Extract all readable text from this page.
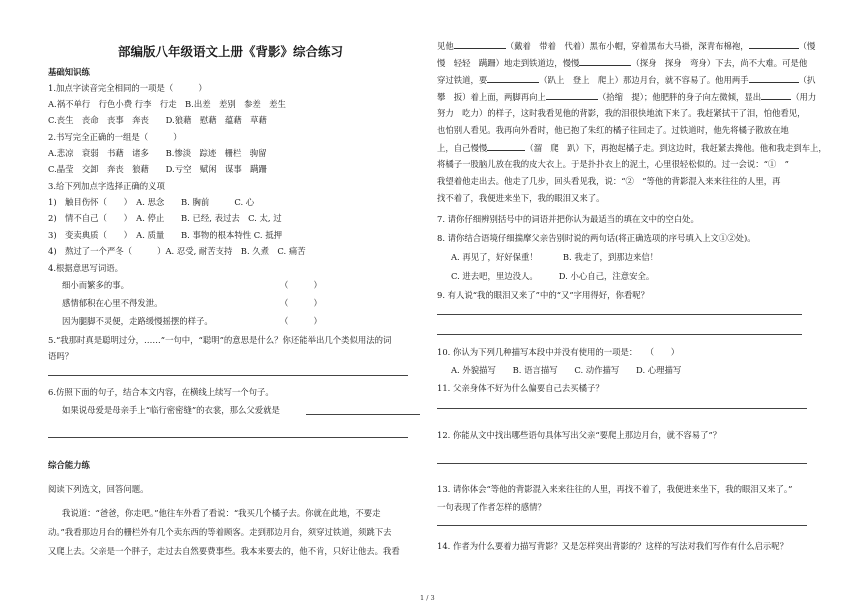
部编版八年级语文上册《背影》综合练习
基础知识练
1.加点字读音完全相同的一项是（　　　）
A.祸不单行　行色小费 行李　行走　B.出差　差别　参差　差生
C.丧生　丧命　丧事　奔丧　　D.狼藉　慰藉　蕴藉　草藉
2.书写完全正确的一组是（　　　）
A.悲凉　衰弱　书藉　诸多　　B.惨淡　踪迹　栅栏　驹留
C.晶莹　交卸　奔丧　狼藉　　D.亏空　赋闲　谋事　蹒跚
3.给下列加点字选择正确的义项
1)　触目伤怀（　　）　A. 思念　　B. 胸前　　　C. 心
2)　情不自己（　　）　A. 停止　　B. 已经, 表过去　C. 太, 过
3)　变卖典质（　　）　A. 质量　　B. 事物的根本特性 C. 抵押
4)　熬过了一个严冬（　　　）A. 忍受, 耐苦支持　B. 久煮　C. 痛苦
4.根据意思写词语。
细小而繁多的事。	（　　　）
感情郁积在心里不得发泄。	（　　　）
因为腿脚不灵便，走路缓慢摇摆的样子。	（　　　）
5.“我那时真是聪明过分，……”一句中，“聪明”的意思是什么？你还能举出几个类似用法的词
语吗？
6.仿照下面的句子，结合本文内容，在横线上续写一个句子。
如果说母爱是母亲手上“临行密密缝”的衣裳，那么父爱就是
综合能力练
阅读下列选文，回答问题。
我说道：“爸爸，你走吧。”他往车外看了看说：“我买几个橘子去。你就在此地，不要走
动。”我看那边月台的栅栏外有几个卖东西的等着顾客。走到那边月台，须穿过铁道，须跳下去
又爬上去。父亲是一个胖子，走过去自然要费事些。我本来要去的，他不肯，只好让他去。我看
见他	（戴着　带着　代着）黑布小帽，穿着黑布大马褂，深青布棉袍，	（慢
慢　轻轻　蹒跚）地走到铁道边，慢慢	（探身　探身　弯身）下去，尚不大难。可是他
穿过铁道，要	（趴上　登上　爬上）那边月台，就不容易了。他用两手	（扒
攀　扳）着上面，两脚再向上	（拾缩　提）；他肥胖的身子向左微倾，显出	（用力
努力　吃力）的样子，这时我看见他的背影，我的泪很快地流下来了。我赶紧拭干了泪，怕他看见，
也怕别人看见。我再向外看时，他已抱了朱红的橘子往回走了。过铁道时，他先将橘子散放在地
上，自己慢慢	（溜　爬　趴）下，再抱起橘子走。到这边时，我赶紧去搀他。他和我走到车上，
将橘子一股脑儿放在我的皮大衣上。于是扑扑衣上的泥土，心里很轻松似的。过一会说：“①　”
我望着他走出去。他走了几步，回头看见我，说：“②　”等他的背影混入来来往往的人里，再
找不着了，我便进来坐下，我的眼泪又来了。
7. 请你仔细辨别括号中的词语并把你认为最适当的填在文中的空白处。
8. 请你结合语境仔细揣摩父亲告别时说的两句话(将正确选项的序号填入上文①②处)。
A. 再见了，好好保重！　　　B. 我走了，到那边来信！
C. 进去吧，里边没人。　　　D. 小心自己，注意安全。
9. 有人说“我的眼泪又来了”中的“又”字用得好，你看呢？
10. 你认为下列几种描写本段中并没有使用的一项是：　　（　　）
A. 外貌描写　　B. 语言描写　　C. 动作描写　　D. 心理描写
11. 父亲身体不好为什么偏要自己去买橘子？
12. 你能从文中找出哪些语句具体写出父亲“要爬上那边月台，就不容易了”？
13. 请你体会“等他的背影混入来来往往的人里，再找不着了，我便进来坐下，我的眼泪又来了。”
一句表现了作者怎样的感情？
14. 作者为什么要着力描写背影？又是怎样突出背影的？这样的写法对我们写作有什么启示呢？
1 / 3
